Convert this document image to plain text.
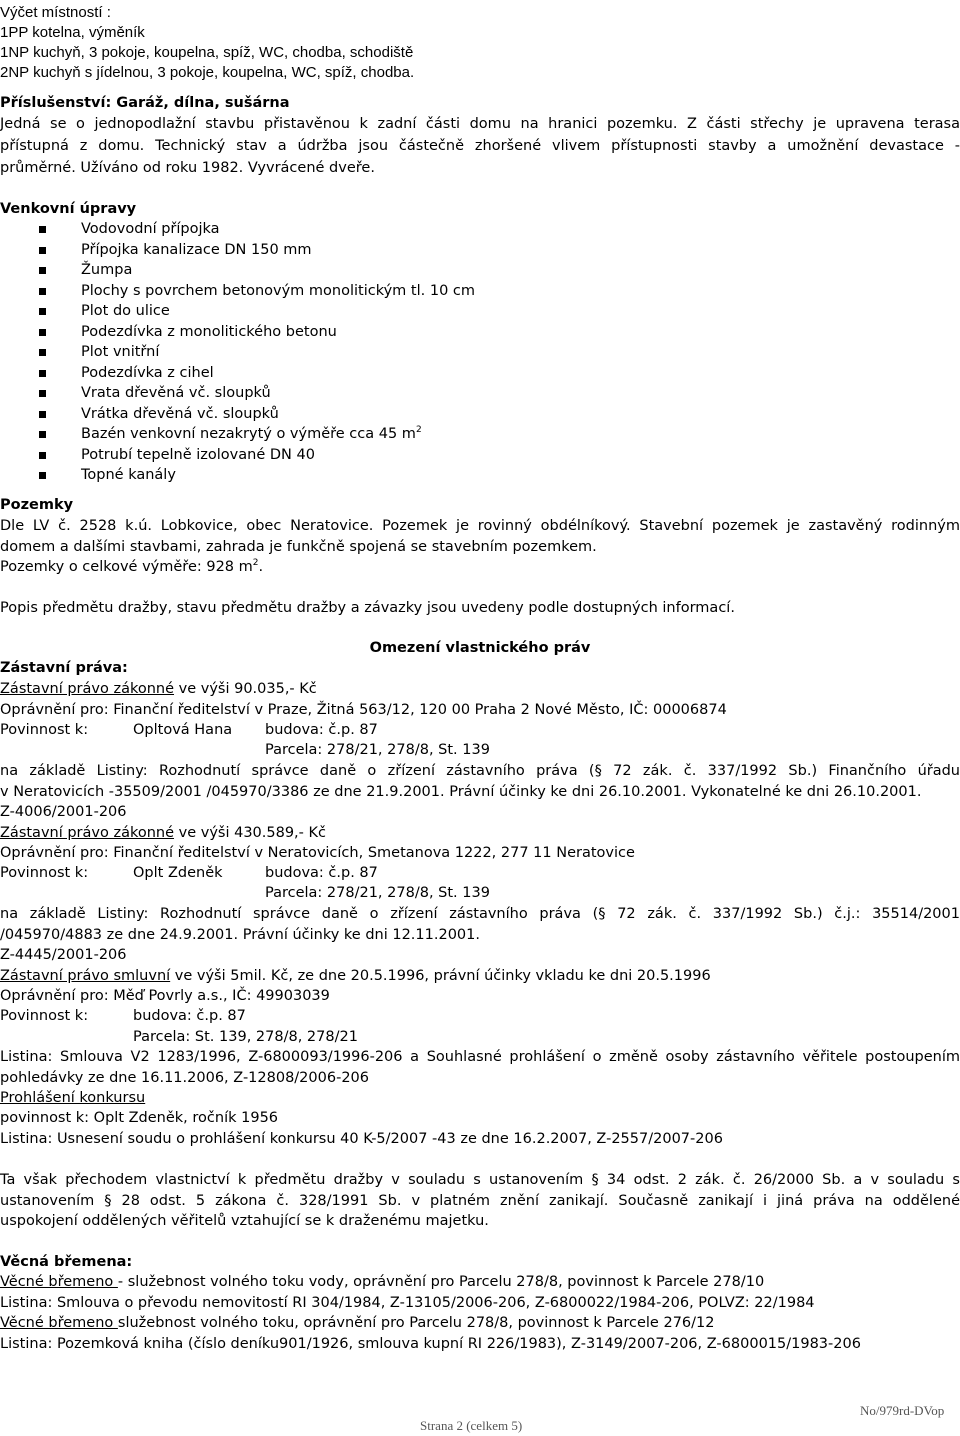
Výčet místností :
1PP kotelna, výměník
1NP kuchyň, 3 pokoje, koupelna, spíž, WC, chodba, schodiště
2NP kuchyň s jídelnou, 3 pokoje, koupelna, WC, spíž, chodba.
Příslušenství: Garáž, dílna, sušárna
Jedná se o jednopodlažní stavbu přistavěnou k zadní části domu na hranici pozemku. Z části střechy je upravena terasa
přístupná z domu. Technický stav a údržba jsou částečně zhoršené vlivem přístupnosti stavby a umožnění devastace -
průměrné. Užíváno od roku 1982. Vyvrácené dveře.
Venkovní úpravy
Vodovodní přípojka
Přípojka kanalizace DN 150 mm
Žumpa
Plochy s povrchem betonovým monolitickým tl. 10 cm
Plot do ulice
Podezdívka z monolitického betonu
Plot vnitřní
Podezdívka z cihel
Vrata dřevěná vč. sloupků
Vrátka dřevěná vč. sloupků
Bazén venkovní nezakrytý o výměře cca 45 $m^2$
Potrubí tepelně izolované DN 40
Topné kanály
Pozemky
Dle LV č. 2528 k.ú. Lobkovice, obec Neratovice. Pozemek je rovinný obdélníkový. Stavební pozemek je zastavěný rodinným
domem a dalšími stavbami, zahrada je funkčně spojená se stavebním pozemkem.
Pozemky o celkové výměře: 928 $m^2$.
Popis předmětu dražby, stavu předmětu dražby a závazky jsou uvedeny podle dostupných informací.
Omezení vlastnického práv
Zástavní práva:
Zástavní právo zákonné ve výši 90.035,- Kč
Oprávnění pro: Finanční ředitelství v Praze, Žitná 563/12, 120 00 Praha 2 Nové Město, IČ: 00006874
Povinnost k:	Opltová Hana budova: č.p. 87
Parcela: 278/21, 278/8, St. 139
na základě Listiny: Rozhodnutí správce daně o zřízení zástavního práva (§ 72 zák. č. 337/1992 Sb.) Finančního úřadu
v Neratovicích -35509/2001 /045970/3386 ze dne 21.9.2001. Právní účinky ke dni 26.10.2001. Vykonatelné ke dni 26.10.2001.
Z-4006/2001-206
Zástavní právo zákonné ve výši 430.589,- Kč
Oprávnění pro: Finanční ředitelství v Neratovicích, Smetanova 1222, 277 11 Neratovice
Povinnost k:	Oplt Zdeněk	budova: č.p. 87
Parcela: 278/21, 278/8, St. 139
na základě Listiny: Rozhodnutí správce daně o zřízení zástavního práva (§ 72 zák. č. 337/1992 Sb.) č.j.: 35514/2001
/045970/4883 ze dne 24.9.2001. Právní účinky ke dni 12.11.2001.
Z-4445/2001-206
Zástavní právo smluvní ve výši 5mil. Kč, ze dne 20.5.1996, právní účinky vkladu ke dni 20.5.1996
Oprávnění pro: Měď Povrly a.s., IČ: 49903039
Povinnost k:	budova: č.p. 87
Parcela: St. 139, 278/8, 278/21
Listina: Smlouva V2 1283/1996, Z-6800093/1996-206 a Souhlasné prohlášení o změně osoby zástavního věřitele postoupením
pohledávky ze dne 16.11.2006, Z-12808/2006-206
Prohlášení konkursu
povinnost k: Oplt Zdeněk, ročník 1956
Listina: Usnesení soudu o prohlášení konkursu 40 K-5/2007 -43 ze dne 16.2.2007, Z-2557/2007-206
Ta však přechodem vlastnictví k předmětu dražby v souladu s ustanovením § 34 odst. 2 zák. č. 26/2000 Sb. a v souladu s
ustanovením § 28 odst. 5 zákona č. 328/1991 Sb. v platném znění zanikají. Současně zanikají i jiná práva na oddělené
uspokojení oddělených věřitelů vztahující se k draženému majetku.
Věcná břemena:
Věcné břemeno - služebnost volného toku vody, oprávnění pro Parcelu 278/8, povinnost k Parcele 278/10
Listina: Smlouva o převodu nemovitostí RI 304/1984, Z-13105/2006-206, Z-6800022/1984-206, POLVZ: 22/1984
Věcné břemeno služebnost volného toku, oprávnění pro Parcelu 278/8, povinnost k Parcele 276/12
Listina: Pozemková kniha (číslo deníku901/1926, smlouva kupní RI 226/1983), Z-3149/2007-206, Z-6800015/1983-206
Strana 2 (celkem 5)
No/979rd-DVop
